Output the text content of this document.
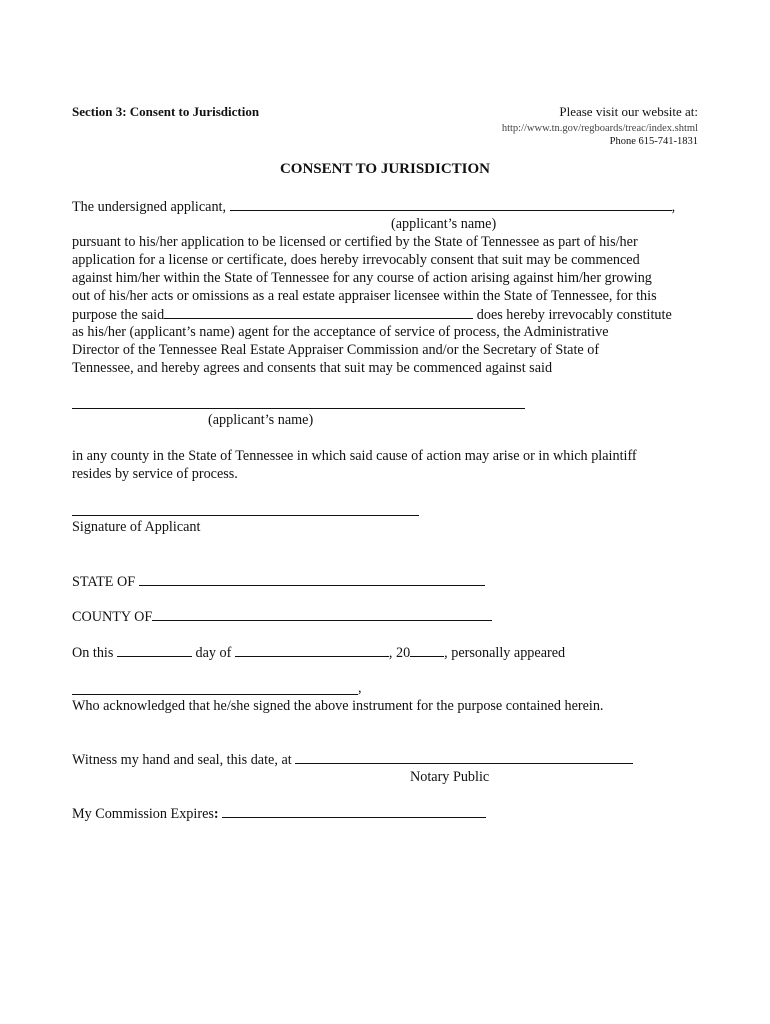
Section 3: Consent to Jurisdiction	Please visit our website at:
http://www.tn.gov/regboards/treac/index.shtml
Phone 615-741-1831
CONSENT TO JURISDICTION
The undersigned applicant,	,
(applicant’s name)
pursuant to his/her application to be licensed or certified by the State of Tennessee as part of his/her
application for a license or certificate, does hereby irrevocably consent that suit may be commenced
against him/her within the State of Tennessee for any course of action arising against him/her growing
out of his/her acts or omissions as a real estate appraiser licensee within the State of Tennessee, for this
purpose the said	does hereby irrevocably constitute
as his/her (applicant’s name) agent for the acceptance of service of process, the Administrative
Director of the Tennessee Real Estate Appraiser Commission and/or the Secretary of State of
Tennessee, and hereby agrees and consents that suit may be commenced against said
(applicant’s name)
in any county in the State of Tennessee in which said cause of action may arise or in which plaintiff
resides by service of process.
Signature of Applicant
STATE OF
COUNTY OF
On this	day of	, 20 , personally appeared
,
Who acknowledged that he/she signed the above instrument for the purpose contained herein.
Witness my hand and seal, this date, at
Notary Public
My Commission Expires:
